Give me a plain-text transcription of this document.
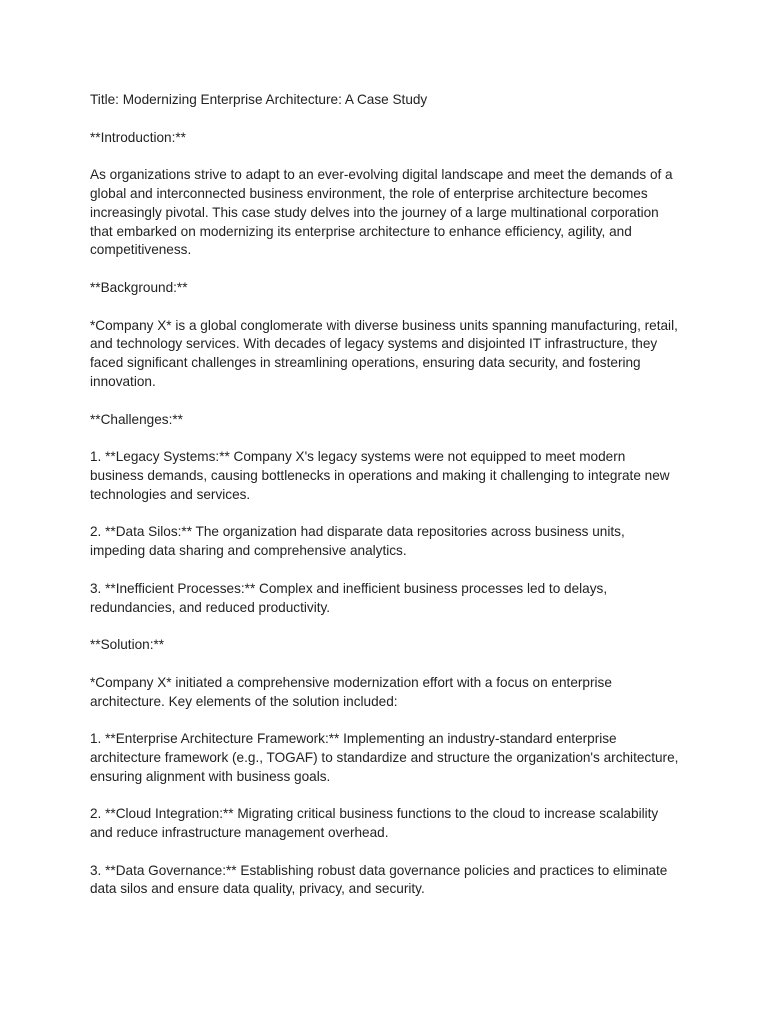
Title: Modernizing Enterprise Architecture: A Case Study

**Introduction:**

As organizations strive to adapt to an ever-evolving digital landscape and meet the demands of a global and interconnected business environment, the role of enterprise architecture becomes increasingly pivotal. This case study delves into the journey of a large multinational corporation that embarked on modernizing its enterprise architecture to enhance efficiency, agility, and competitiveness.

**Background:**

*Company X* is a global conglomerate with diverse business units spanning manufacturing, retail, and technology services. With decades of legacy systems and disjointed IT infrastructure, they faced significant challenges in streamlining operations, ensuring data security, and fostering innovation.

**Challenges:**

1. **Legacy Systems:** Company X's legacy systems were not equipped to meet modern business demands, causing bottlenecks in operations and making it challenging to integrate new technologies and services.

2. **Data Silos:** The organization had disparate data repositories across business units, impeding data sharing and comprehensive analytics.

3. **Inefficient Processes:** Complex and inefficient business processes led to delays, redundancies, and reduced productivity.

**Solution:**

*Company X* initiated a comprehensive modernization effort with a focus on enterprise architecture. Key elements of the solution included:

1. **Enterprise Architecture Framework:** Implementing an industry-standard enterprise architecture framework (e.g., TOGAF) to standardize and structure the organization's architecture, ensuring alignment with business goals.

2. **Cloud Integration:** Migrating critical business functions to the cloud to increase scalability and reduce infrastructure management overhead.

3. **Data Governance:** Establishing robust data governance policies and practices to eliminate data silos and ensure data quality, privacy, and security.
